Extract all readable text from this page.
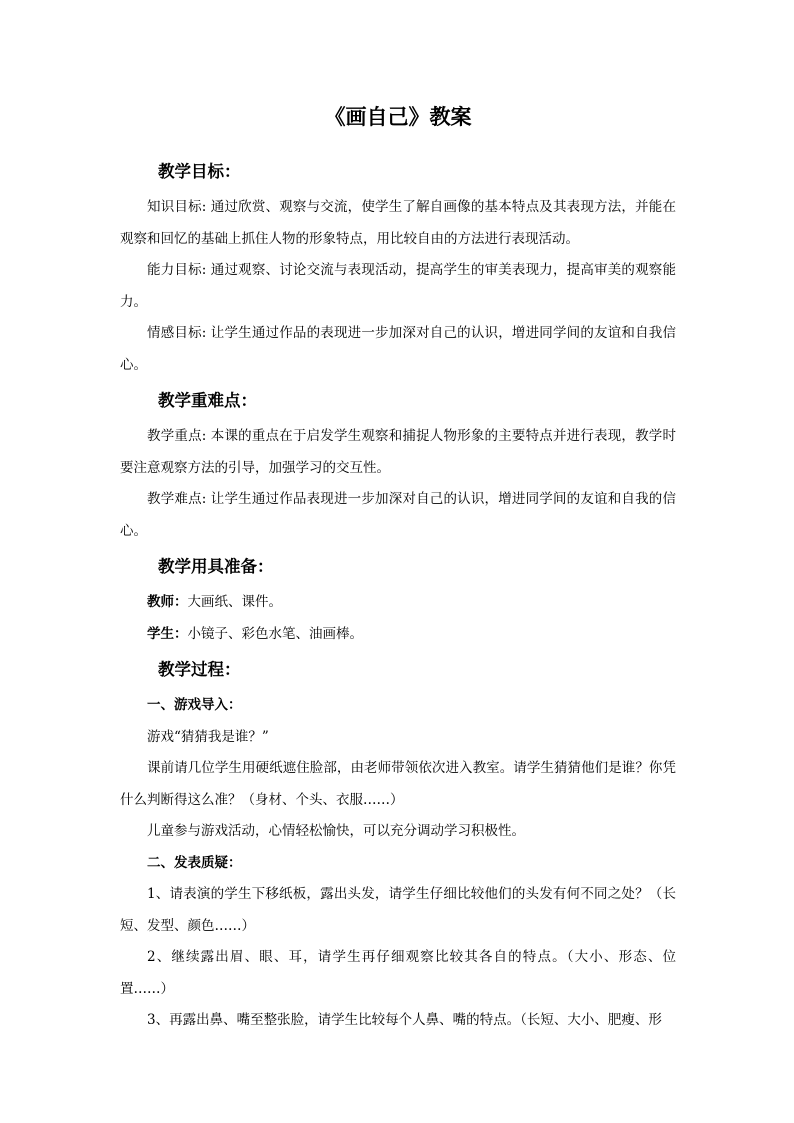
《画自己》教案
教学目标：

知识目标: 通过欣赏、观察与交流，使学生了解自画像的基本特点及其表现方法，并能在观察和回忆的基础上抓住人物的形象特点，用比较自由的方法进行表现活动。

能力目标: 通过观察、讨论交流与表现活动，提高学生的审美表现力，提高审美的观察能力。

情感目标: 让学生通过作品的表现进一步加深对自己的认识，增进同学间的友谊和自我信心。

教学重难点：

教学重点: 本课的重点在于启发学生观察和捕捉人物形象的主要特点并进行表现，教学时要注意观察方法的引导，加强学习的交互性。

教学难点: 让学生通过作品表现进一步加深对自己的认识，增进同学间的友谊和自我的信心。

教学用具准备：

教师：大画纸、课件。

学生：小镜子、彩色水笔、油画棒。

教学过程：

一、游戏导入：

游戏“猜猜我是谁？”

课前请几位学生用硬纸遮住脸部，由老师带领依次进入教室。请学生猜猜他们是谁？你凭什么判断得这么准？（身材、个头、衣服……）

儿童参与游戏活动，心情轻松愉快，可以充分调动学习积极性。

二、发表质疑：

1、请表演的学生下移纸板，露出头发，请学生仔细比较他们的头发有何不同之处？（长短、发型、颜色……）

2、继续露出眉、眼、耳，请学生再仔细观察比较其各自的特点。（大小、形态、位置……）

3、再露出鼻、嘴至整张脸，请学生比较每个人鼻、嘴的特点。（长短、大小、肥瘦、形
